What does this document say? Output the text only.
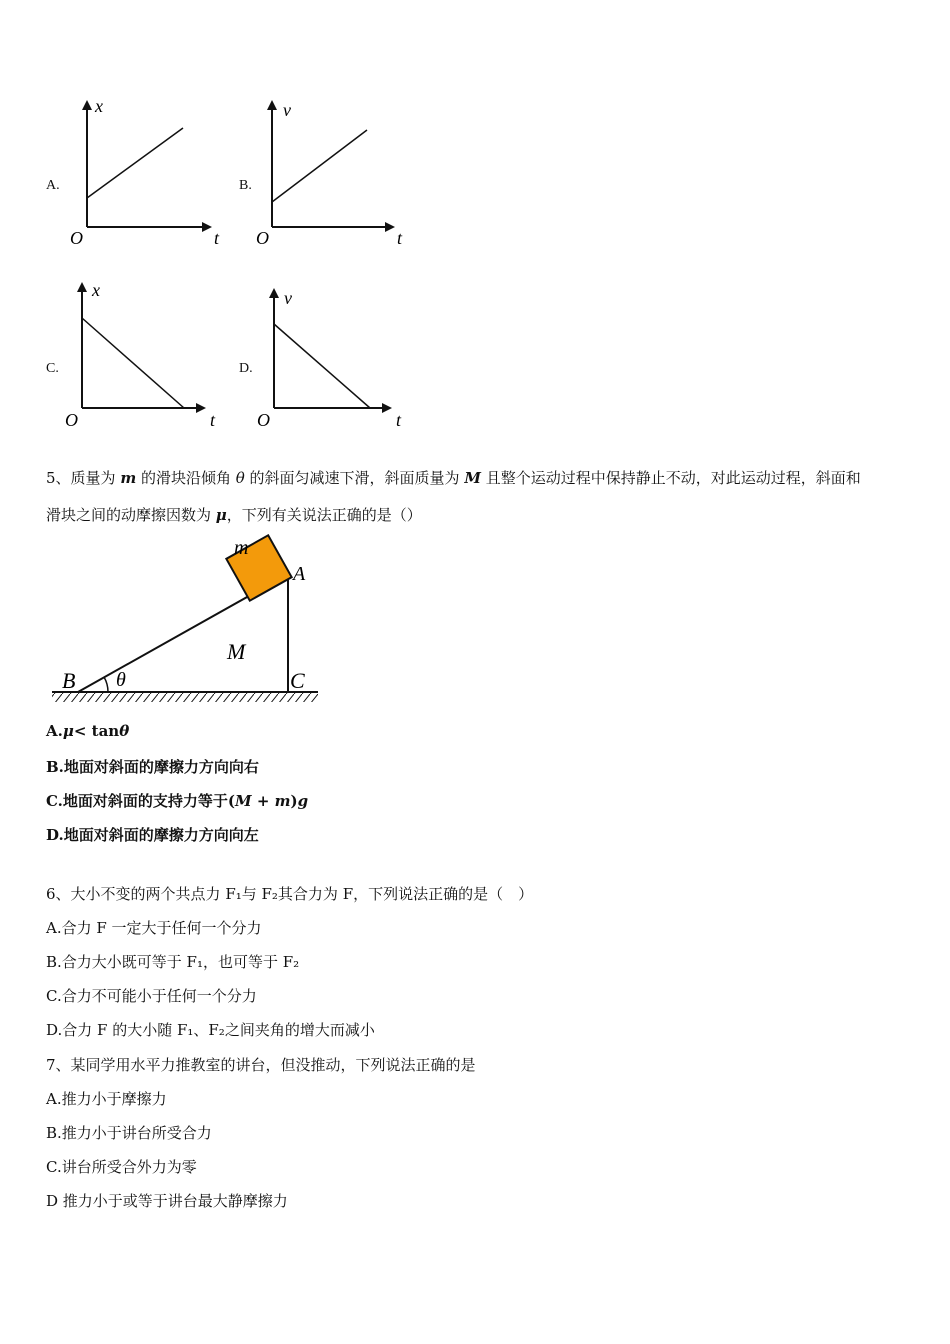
A.
x
O	t
B.
v
O	t
C.
x
O	t
D.
v
O	t
5、质量为 m 的滑块沿倾角 θ 的斜面匀减速下滑，斜面质量为 M 且整个运动过程中保持静止不动，对此运动过程，斜面和
滑块之间的动摩擦因数为 μ，下列有关说法正确的是（）
m
A
M
B θ	C
A.μ< tanθ
B.地面对斜面的摩擦力方向向右
C.地面对斜面的支持力等于(M + m)g
D.地面对斜面的摩擦力方向向左
6、大小不变的两个共点力 F₁与 F₂其合力为 F，下列说法正确的是（　）
A.合力 F 一定大于任何一个分力
B.合力大小既可等于 F₁，也可等于 F₂
C.合力不可能小于任何一个分力
D.合力 F 的大小随 F₁、F₂之间夹角的增大而减小
7、某同学用水平力推教室的讲台，但没推动，下列说法正确的是
A.推力小于摩擦力
B.推力小于讲台所受合力
C.讲台所受合外力为零
D 推力小于或等于讲台最大静摩擦力
